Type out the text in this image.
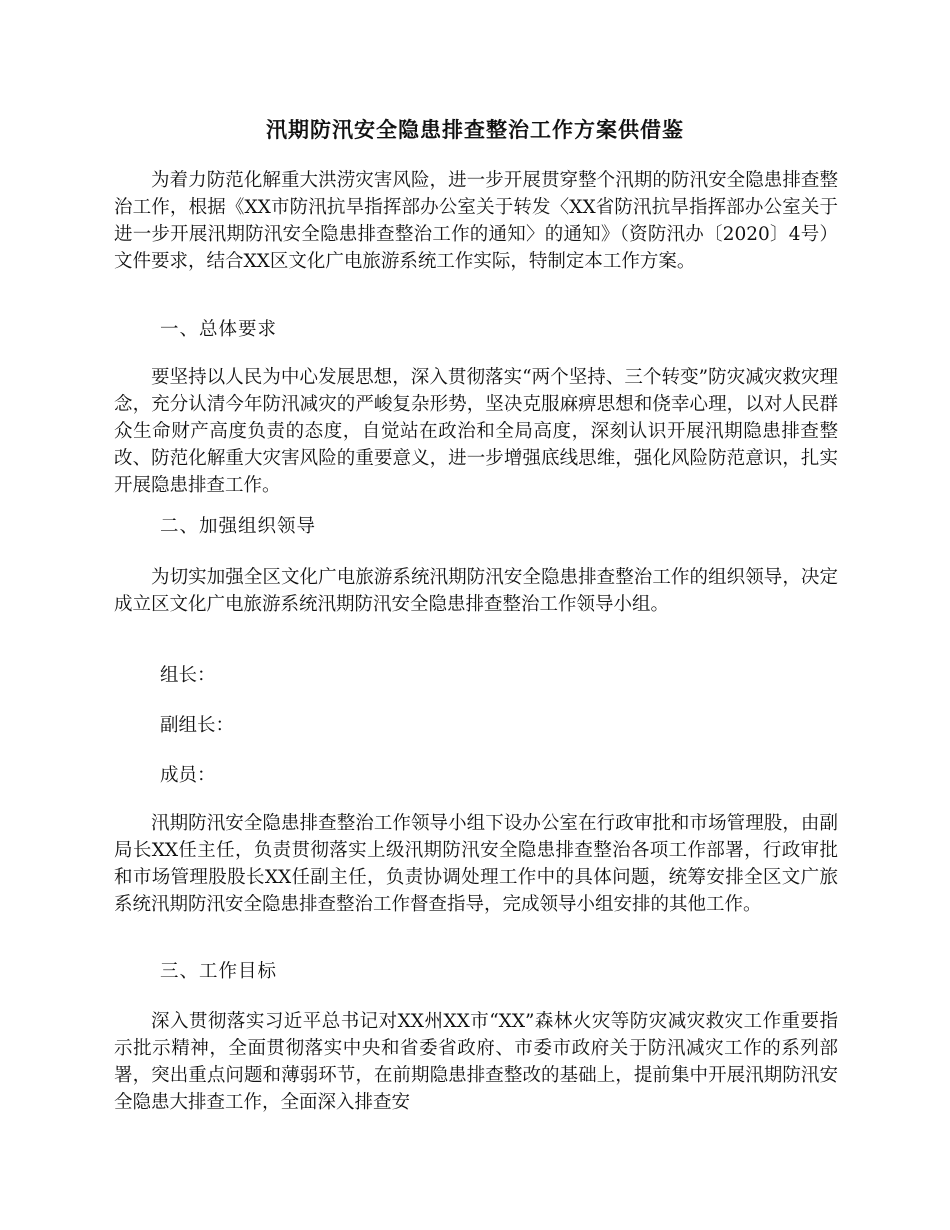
汛期防汛安全隐患排查整治工作方案供借鉴

为着力防范化解重大洪涝灾害风险，进一步开展贯穿整个汛期的防汛安全隐患排查整治工作，根据《XX市防汛抗旱指挥部办公室关于转发〈XX省防汛抗旱指挥部办公室关于进一步开展汛期防汛安全隐患排查整治工作的通知〉的通知》（资防汛办〔2020〕4号）文件要求，结合XX区文化广电旅游系统工作实际，特制定本工作方案。

一、总体要求

要坚持以人民为中心发展思想，深入贯彻落实“两个坚持、三个转变”防灾减灾救灾理念，充分认清今年防汛减灾的严峻复杂形势，坚决克服麻痹思想和侥幸心理，以对人民群众生命财产高度负责的态度，自觉站在政治和全局高度，深刻认识开展汛期隐患排查整改、防范化解重大灾害风险的重要意义，进一步增强底线思维，强化风险防范意识，扎实开展隐患排查工作。

二、加强组织领导

为切实加强全区文化广电旅游系统汛期防汛安全隐患排查整治工作的组织领导，决定成立区文化广电旅游系统汛期防汛安全隐患排查整治工作领导小组。

组长：

副组长：

成员：

汛期防汛安全隐患排查整治工作领导小组下设办公室在行政审批和市场管理股，由副局长XX任主任，负责贯彻落实上级汛期防汛安全隐患排查整治各项工作部署，行政审批和市场管理股股长XX任副主任，负责协调处理工作中的具体问题，统筹安排全区文广旅系统汛期防汛安全隐患排查整治工作督查指导，完成领导小组安排的其他工作。

三、工作目标

深入贯彻落实习近平总书记对XX州XX市“XX”森林火灾等防灾减灾救灾工作重要指示批示精神，全面贯彻落实中央和省委省政府、市委市政府关于防汛减灾工作的系列部署，突出重点问题和薄弱环节，在前期隐患排查整改的基础上，提前集中开展汛期防汛安全隐患大排查工作，全面深入排查安
